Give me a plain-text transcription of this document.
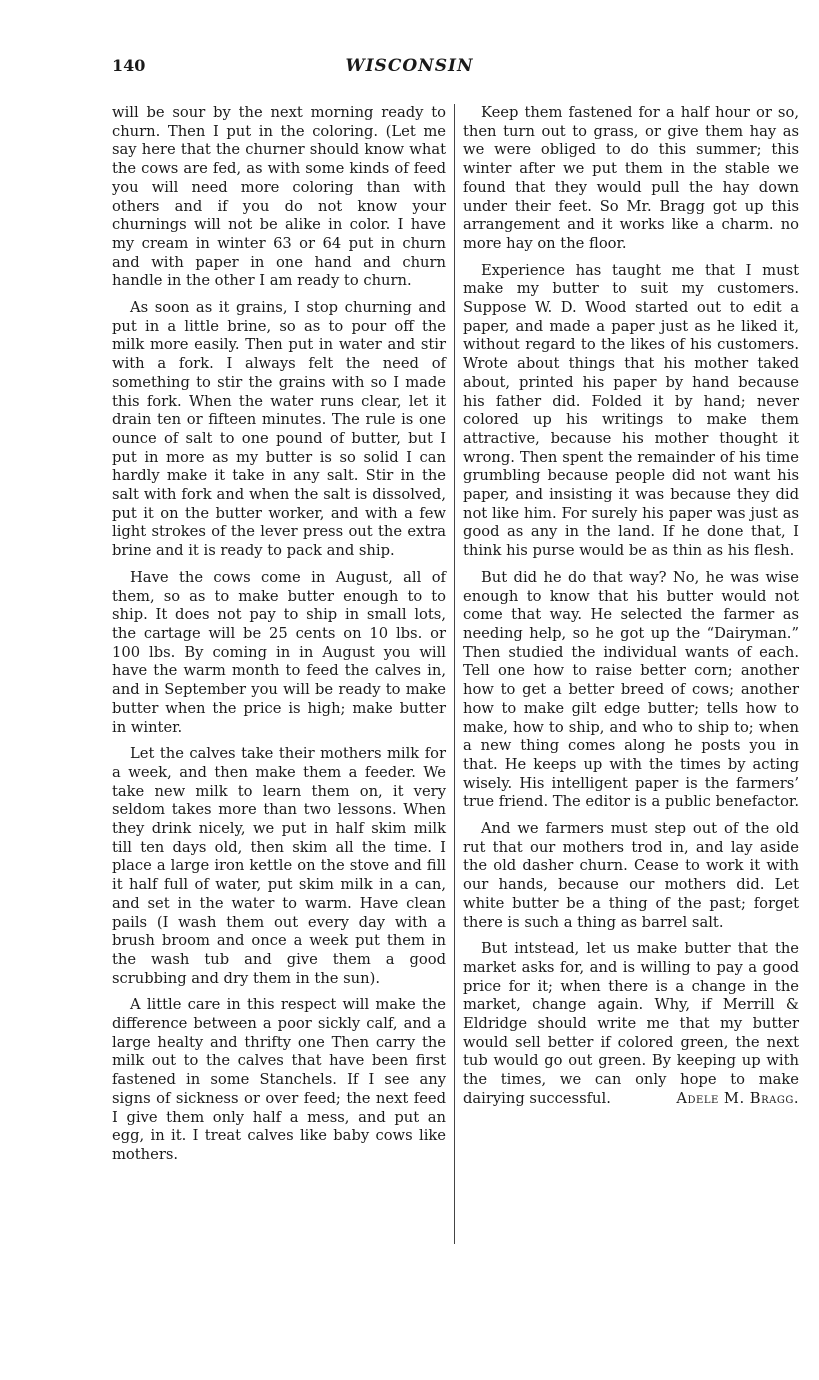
140	WISCONSIN

will be sour by the next morning ready to churn. Then I put in the coloring. (Let me say here that the churner should know what the cows are fed, as with some kinds of feed you will need more coloring than with others and if you do not know your churnings will not be alike in color. I have my cream in winter 63 or 64 put in churn and with paper in one hand and churn handle in the other I am ready to churn.

As soon as it grains, I stop churning and put in a little brine, so as to pour off the milk more easily. Then put in water and stir with a fork. I always felt the need of something to stir the grains with so I made this fork. When the water runs clear, let it drain ten or fifteen minutes. The rule is one ounce of salt to one pound of butter, but I put in more as my butter is so solid I can hardly make it take in any salt. Stir in the salt with fork and when the salt is dissolved, put it on the butter worker, and with a few light strokes of the lever press out the extra brine and it is ready to pack and ship.

Have the cows come in August, all of them, so as to make butter enough to to ship. It does not pay to ship in small lots, the cartage will be 25 cents on 10 lbs. or 100 lbs. By coming in in August you will have the warm month to feed the calves in, and in September you will be ready to make butter when the price is high; make butter in winter.

Let the calves take their mothers milk for a week, and then make them a feeder. We take new milk to learn them on, it very seldom takes more than two lessons. When they drink nicely, we put in half skim milk till ten days old, then skim all the time. I place a large iron kettle on the stove and fill it half full of water, put skim milk in a can, and set in the water to warm. Have clean pails (I wash them out every day with a brush broom and once a week put them in the wash tub and give them a good scrubbing and dry them in the sun).

A little care in this respect will make the difference between a poor sickly calf, and a large healty and thrifty one Then carry the milk out to the calves that have been first fastened in some Stanchels. If I see any signs of sickness or over feed; the next feed I give them only half a mess, and put an egg, in it. I treat calves like baby cows like mothers.

Keep them fastened for a half hour or so, then turn out to grass, or give them hay as we were obliged to do this summer; this winter after we put them in the stable we found that they would pull the hay down under their feet. So Mr. Bragg got up this arrangement and it works like a charm. no more hay on the floor.

Experience has taught me that I must make my butter to suit my customers. Suppose W. D. Wood started out to edit a paper, and made a paper just as he liked it, without regard to the likes of his customers. Wrote about things that his mother taked about, printed his paper by hand because his father did. Folded it by hand; never colored up his writings to make them attractive, because his mother thought it wrong. Then spent the remainder of his time grumbling because people did not want his paper, and insisting it was because they did not like him. For surely his paper was just as good as any in the land. If he done that, I think his purse would be as thin as his flesh.

But did he do that way? No, he was wise enough to know that his butter would not come that way. He selected the farmer as needing help, so he got up the “Dairyman.” Then studied the individual wants of each. Tell one how to raise better corn; another how to get a better breed of cows; another how to make gilt edge butter; tells how to make, how to ship, and who to ship to; when a new thing comes along he posts you in that. He keeps up with the times by acting wisely. His intelligent paper is the farmers’ true friend. The editor is a public benefactor.

And we farmers must step out of the old rut that our mothers trod in, and lay aside the old dasher churn. Cease to work it with our hands, because our mothers did. Let white butter be a thing of the past; forget there is such a thing as barrel salt.

But intstead, let us make butter that the market asks for, and is willing to pay a good price for it; when there is a change in the market, change again. Why, if Merrill & Eldridge should write me that my butter would sell better if colored green, the next tub would go out green. By keeping up with the times, we can only hope to make dairying successful.	Adele M. Bragg.
